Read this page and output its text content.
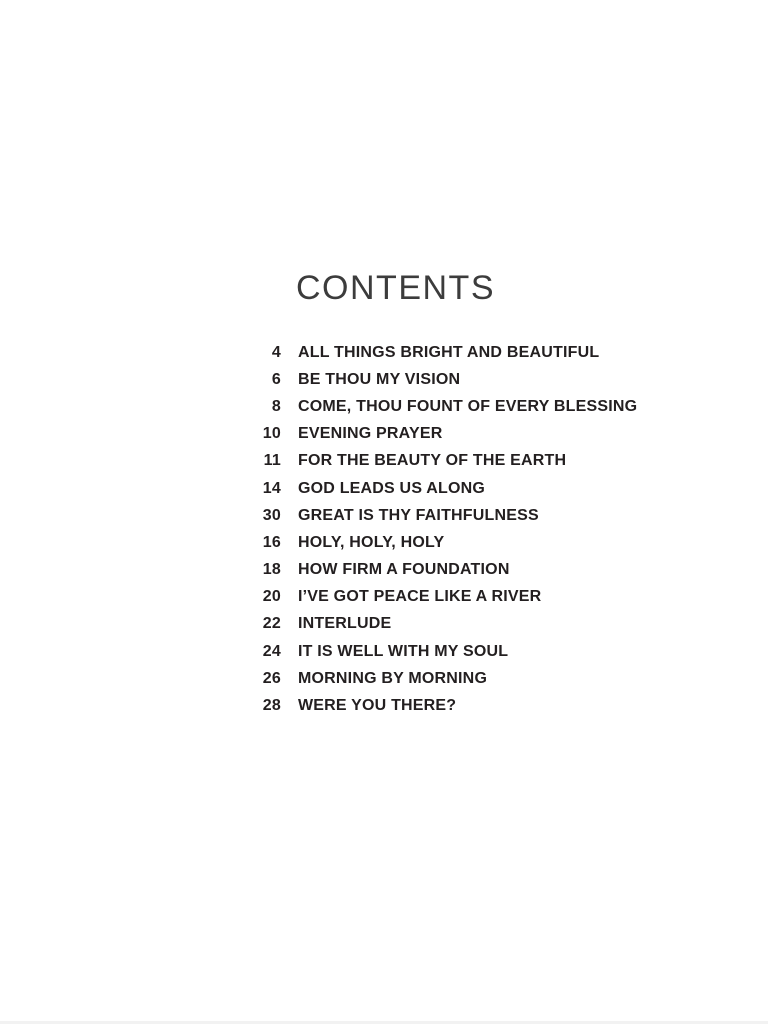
CONTENTS
4 ALL THINGS BRIGHT AND BEAUTIFUL
6 BE THOU MY VISION
8 COME, THOU FOUNT OF EVERY BLESSING
10 EVENING PRAYER
11 FOR THE BEAUTY OF THE EARTH
14 GOD LEADS US ALONG
30 GREAT IS THY FAITHFULNESS
16 HOLY, HOLY, HOLY
18 HOW FIRM A FOUNDATION
20 I’VE GOT PEACE LIKE A RIVER
22 INTERLUDE
24 IT IS WELL WITH MY SOUL
26 MORNING BY MORNING
28 WERE YOU THERE?
